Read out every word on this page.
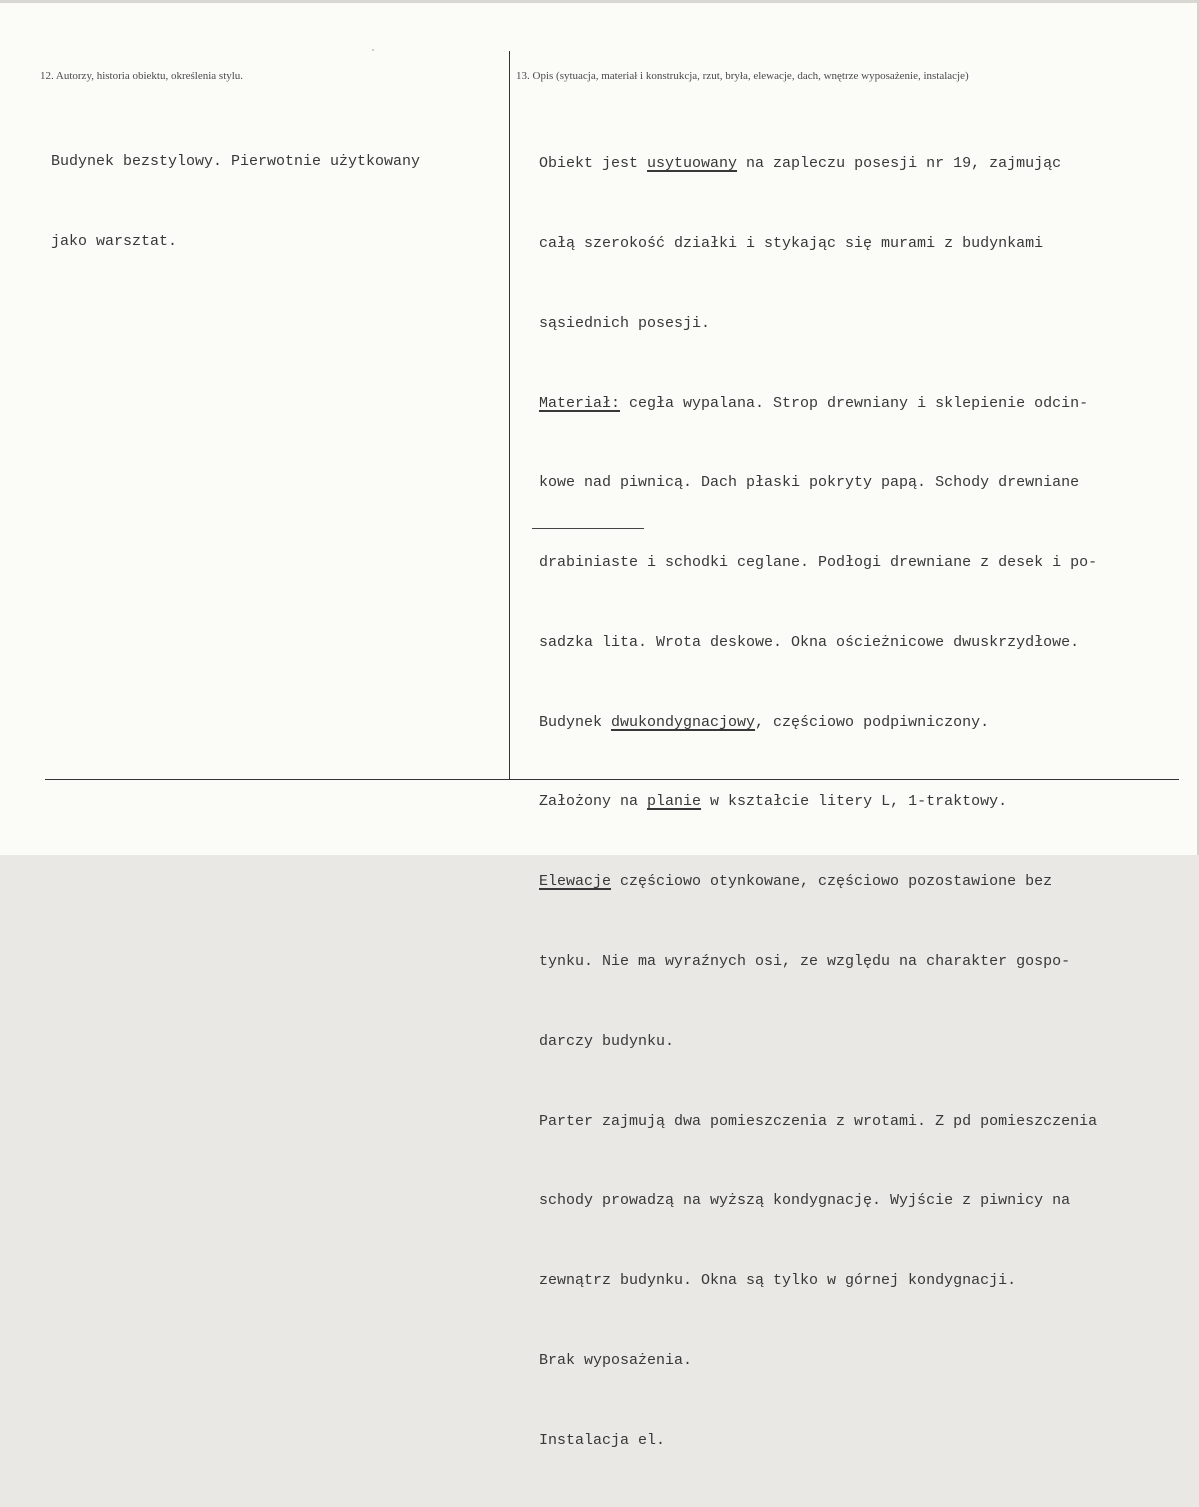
12. Autorzy, historia obiektu, określenia stylu.	13. Opis (sytuacja, materiał i konstrukcja, rzut, bryła, elewacje, dach, wnętrze wyposażenie, instalacje)

Budynek bezstylowy. Pierwotnie użytkowany

jako warsztat.

Obiekt jest usytuowany na zapleczu posesji nr 19, zajmując

całą szerokość działki i stykając się murami z budynkami

sąsiednich posesji.

Materiał: cegła wypalana. Strop drewniany i sklepienie odcin-

kowe nad piwnicą. Dach płaski pokryty papą. Schody drewniane

drabiniaste i schodki ceglane. Podłogi drewniane z desek i po-

sadzka lita. Wrota deskowe. Okna ościeżnicowe dwuskrzydłowe.

Budynek dwukondygnacjowy, częściowo podpiwniczony.

Założony na planie w kształcie litery L, 1-traktowy.

Elewacje częściowo otynkowane, częściowo pozostawione bez

tynku. Nie ma wyraźnych osi, ze względu na charakter gospo-

darczy budynku.

Parter zajmują dwa pomieszczenia z wrotami. Z pd pomieszczenia

schody prowadzą na wyższą kondygnację. Wyjście z piwnicy na

zewnątrz budynku. Okna są tylko w górnej kondygnacji.

Brak wyposażenia.

Instalacja el.
